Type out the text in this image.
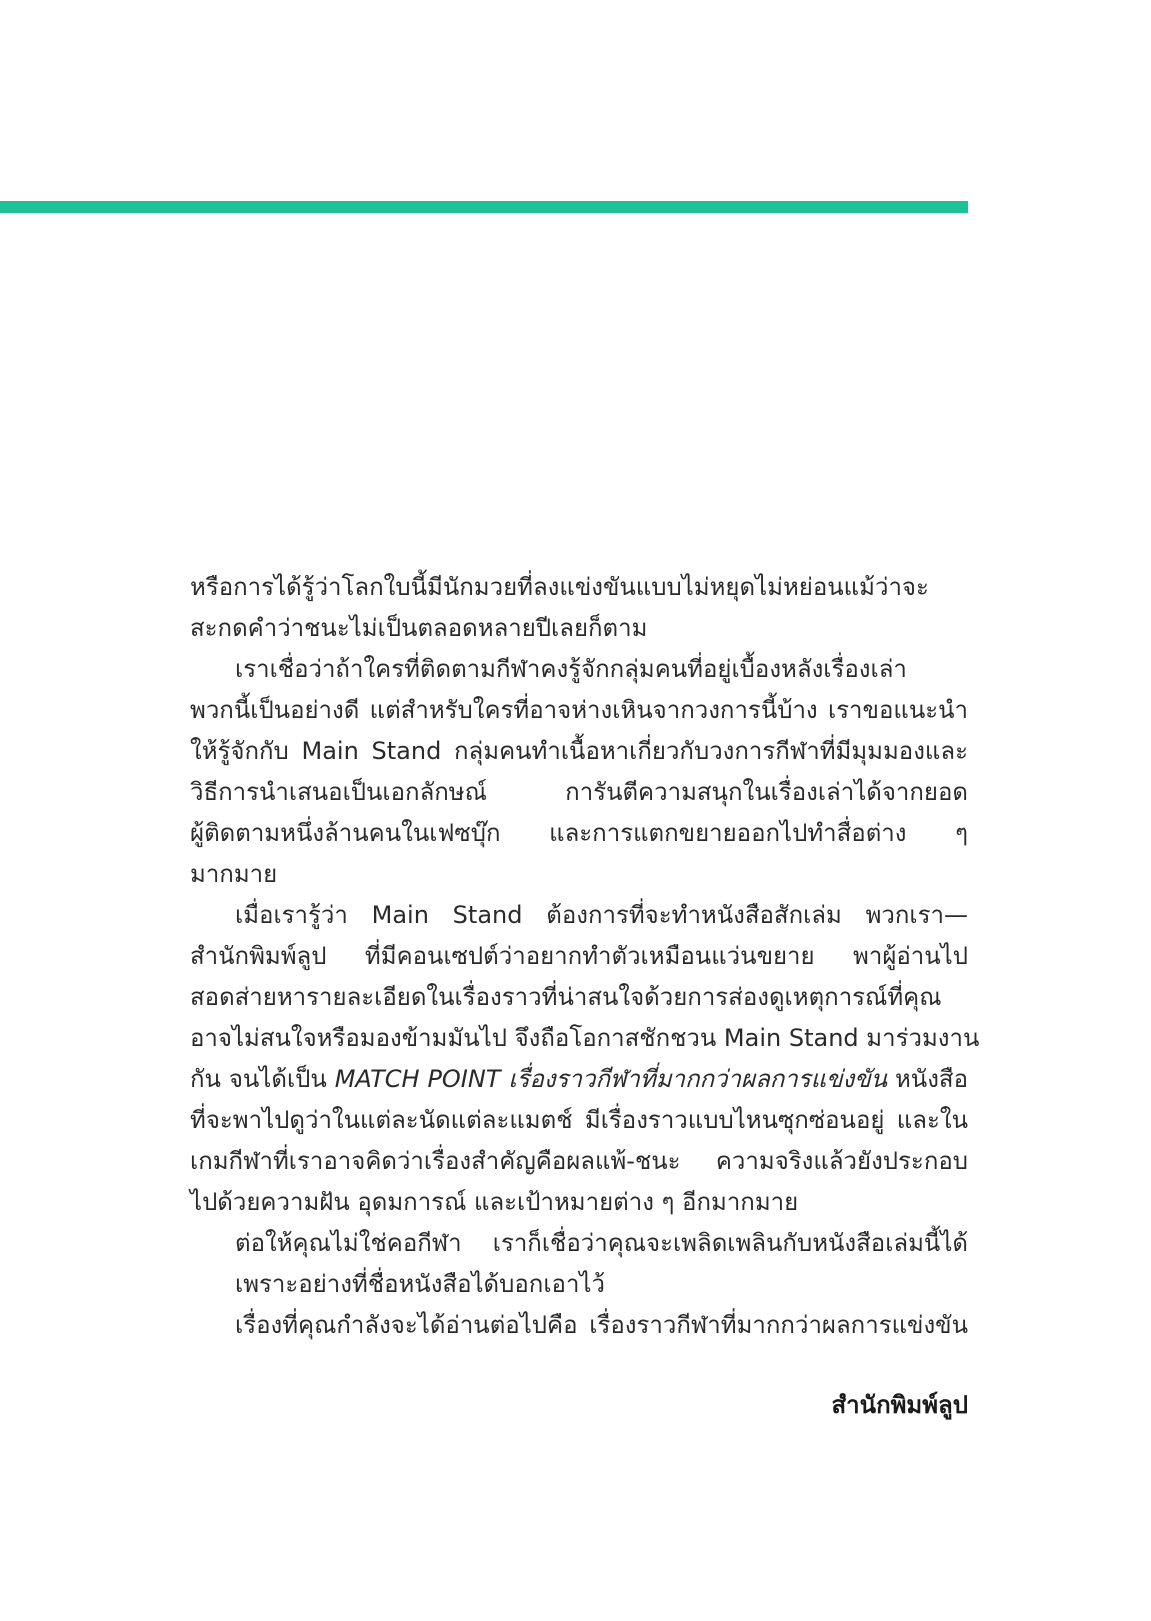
หรือการได้รู้ว่าโลกใบนี้มีนักมวยที่ลงแข่งขันแบบไม่หยุดไม่หย่อนแม้ว่าจะ
สะกดคำว่าชนะไม่เป็นตลอดหลายปีเลยก็ตาม
เราเชื่อว่าถ้าใครที่ติดตามกีฬาคงรู้จักกลุ่มคนที่อยู่เบื้องหลังเรื่องเล่า
พวกนี้เป็นอย่างดี แต่สำหรับใครที่อาจห่างเหินจากวงการนี้บ้าง เราขอแนะนำ
ให้รู้จักกับ Main Stand กลุ่มคนทำเนื้อหาเกี่ยวกับวงการกีฬาที่มีมุมมองและ
วิธีการนำเสนอเป็นเอกลักษณ์ การันตีความสนุกในเรื่องเล่าได้จากยอด
ผู้ติดตามหนึ่งล้านคนในเฟซบุ๊ก และการแตกขยายออกไปทำสื่อต่าง ๆ
มากมาย
เมื่อเรารู้ว่า Main Stand ต้องการที่จะทำหนังสือสักเล่ม พวกเรา—
สำนักพิมพ์ลูป ที่มีคอนเซปต์ว่าอยากทำตัวเหมือนแว่นขยาย พาผู้อ่านไป
สอดส่ายหารายละเอียดในเรื่องราวที่น่าสนใจด้วยการส่องดูเหตุการณ์ที่คุณ
อาจไม่สนใจหรือมองข้ามมันไป จึงถือโอกาสชักชวน Main Stand มาร่วมงาน
กัน จนได้เป็น MATCH POINT เรื่องราวกีฬาที่มากกว่าผลการแข่งขัน หนังสือ
ที่จะพาไปดูว่าในแต่ละนัดแต่ละแมตช์ มีเรื่องราวแบบไหนซุกซ่อนอยู่ และใน
เกมกีฬาที่เราอาจคิดว่าเรื่องสำคัญคือผลแพ้-ชนะ ความจริงแล้วยังประกอบ
ไปด้วยความฝัน อุดมการณ์ และเป้าหมายต่าง ๆ อีกมากมาย
ต่อให้คุณไม่ใช่คอกีฬา เราก็เชื่อว่าคุณจะเพลิดเพลินกับหนังสือเล่มนี้ได้
เพราะอย่างที่ชื่อหนังสือได้บอกเอาไว้
เรื่องที่คุณกำลังจะได้อ่านต่อไปคือ เรื่องราวกีฬาที่มากกว่าผลการแข่งขัน
สำนักพิมพ์ลูป
